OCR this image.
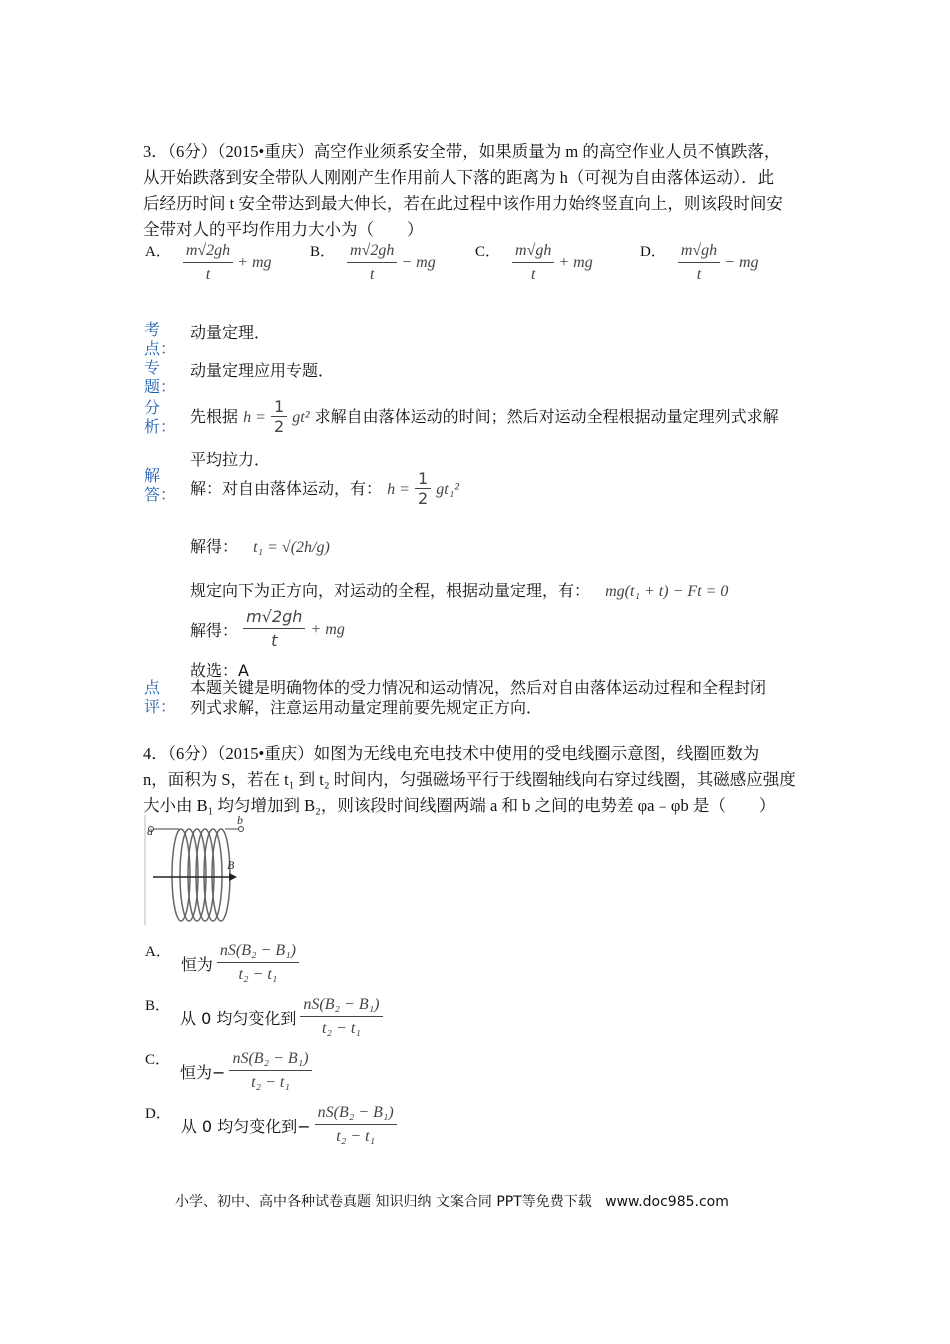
3．（6分）（2015•重庆）高空作业须系安全带，如果质量为 m 的高空作业人员不慎跌落，
从开始跌落到安全带队人刚刚产生作用前人下落的距离为 h（可视为自由落体运动）．此
后经历时间 t 安全带达到最大伸长，若在此过程中该作用力始终竖直向上，则该段时间安
全带对人的平均作用力大小为（　　）
A． $\frac{m√2gh}{t}$ + mg
B． $\frac{m√2gh}{t}$ − mg
C． $\frac{m√gh}{t}$ + mg
D． $\frac{m√gh}{t}$ − mg
考点：
专题：
分析：
解答：
点评：
动量定理．
动量定理应用专题．
先根据 $h = \frac{1}{2} gt^2$ 求解自由落体运动的时间；然后对运动全程根据动量定理列式求解
平均拉力．
解：对自由落体运动，有： $h = \frac{1}{2} gt_1^2$
解得： t₁ = √(2h/g)
规定向下为正方向，对运动的全程，根据动量定理，有： mg(t₁ + t) − Ft = 0
解得： $\frac{m√2gh}{t}$ + mg
故选：A
本题关键是明确物体的受力情况和运动情况，然后对自由落体运动过程和全程封闭
列式求解，注意运用动量定理前要先规定正方向．
4．（6分）（2015•重庆）如图为无线电充电技术中使用的受电线圈示意图，线圈匝数为
n，面积为 S，若在 t₁ 到 t₂ 时间内，匀强磁场平行于线圈轴线向右穿过线圈，其磁感应强度
大小由 B₁ 均匀增加到 B₂，则该段时间线圈两端 a 和 b 之间的电势差 φa﹣φb 是（　　）
a
b
B
A． 恒为 $\frac{\text{nS(B₂ − B₁)}}{\text{t₂ − t₁}}$
B． 从 0 均匀变化到 $\frac{\text{nS(B₂ − B₁)}}{\text{t₂ − t₁}}$
C． 恒为− $\frac{\text{nS(B₂ − B₁)}}{\text{t₂ − t₁}}$
D． 从 0 均匀变化到− $\frac{\text{nS(B₂ − B₁)}}{\text{t₂ − t₁}}$
小学、初中、高中各种试卷真题 知识归纳 文案合同 PPT等免费下载   www.doc985.com
